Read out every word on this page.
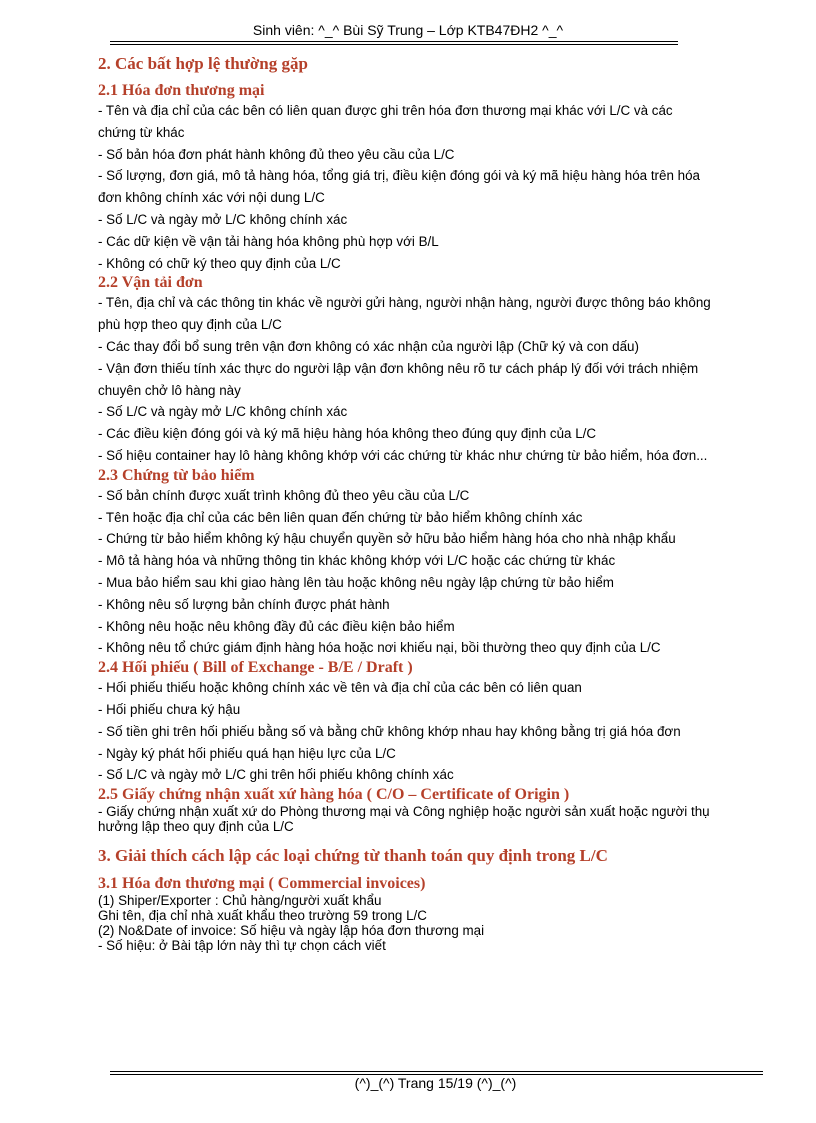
Sinh viên: ^_^ Bùi Sỹ Trung – Lớp KTB47ĐH2 ^_^
2. Các bất hợp lệ thường gặp
2.1 Hóa đơn thương mại

- Tên và địa chỉ của các bên có liên quan được ghi trên hóa đơn thương mại khác với L/C và các

chứng từ khác

- Số bản hóa đơn phát hành không đủ theo yêu cầu của L/C

- Số lượng, đơn giá, mô tả hàng hóa, tổng giá trị, điều kiện đóng gói và ký mã hiệu hàng hóa trên hóa

đơn không chính xác với nội dung L/C

- Số L/C và ngày mở L/C không chính xác

- Các dữ kiện về vận tải hàng hóa không phù hợp với B/L

- Không có chữ ký theo quy định của L/C

2.2 Vận tải đơn

- Tên, địa chỉ và các thông tin khác về người gửi hàng, người nhận hàng, người được thông báo không

phù hợp theo quy định của L/C

- Các thay đổi bổ sung trên vận đơn không có xác nhận của người lập (Chữ ký và con dấu)

- Vận đơn thiếu tính xác thực do người lập vận đơn không nêu rõ tư cách pháp lý đối với trách nhiệm

chuyên chở lô hàng này

- Số L/C và ngày mở L/C không chính xác

- Các điều kiện đóng gói và ký mã hiệu hàng hóa không theo đúng quy định của L/C

- Số hiệu container hay lô hàng không khớp với các chứng từ khác như chứng từ bảo hiểm, hóa đơn...

2.3 Chứng từ bảo hiểm

- Số bản chính được xuất trình không đủ theo yêu cầu của L/C

- Tên hoặc địa chỉ của các bên liên quan đến chứng từ bảo hiểm không chính xác

- Chứng từ bảo hiểm không ký hậu chuyển quyền sở hữu bảo hiểm hàng hóa cho nhà nhập khẩu

- Mô tả hàng hóa và những thông tin khác không khớp với L/C hoặc các chứng từ khác

- Mua bảo hiểm sau khi giao hàng lên tàu hoặc không nêu ngày lập chứng từ bảo hiểm

- Không nêu số lượng bản chính được phát hành

- Không nêu hoặc nêu không đầy đủ các điều kiện bảo hiểm

- Không nêu tổ chức giám định hàng hóa hoặc nơi khiếu nại, bồi thường theo quy định của L/C

2.4 Hối phiếu ( Bill of Exchange - B/E / Draft )

- Hối phiếu thiếu hoặc không chính xác về tên và địa chỉ của các bên có liên quan

- Hối phiếu chưa ký hậu

- Số tiền ghi trên hối phiếu bằng số và bằng chữ không khớp nhau hay không bằng trị giá hóa đơn

- Ngày ký phát hối phiếu quá hạn hiệu lực của L/C

- Số L/C và ngày mở L/C ghi trên hối phiếu không chính xác

2.5 Giấy chứng nhận xuất xứ hàng hóa ( C/O – Certificate of Origin )

- Giấy chứng nhận xuất xứ do Phòng thương mại và Công nghiệp hoặc người sản xuất hoặc người thụ

hưởng lập theo quy định của L/C

3. Giải thích cách lập các loại chứng từ thanh toán quy định trong L/C
3.1 Hóa đơn thương mại ( Commercial invoices)

(1) Shiper/Exporter : Chủ hàng/người xuất khẩu

Ghi tên, địa chỉ nhà xuất khẩu theo trường 59 trong L/C

(2) No&Date of invoice: Số hiệu và ngày lập hóa đơn thương mại

- Số hiệu: ở Bài tập lớn này thì tự chọn cách viết

(^)_(^) Trang 15/19 (^)_(^)
